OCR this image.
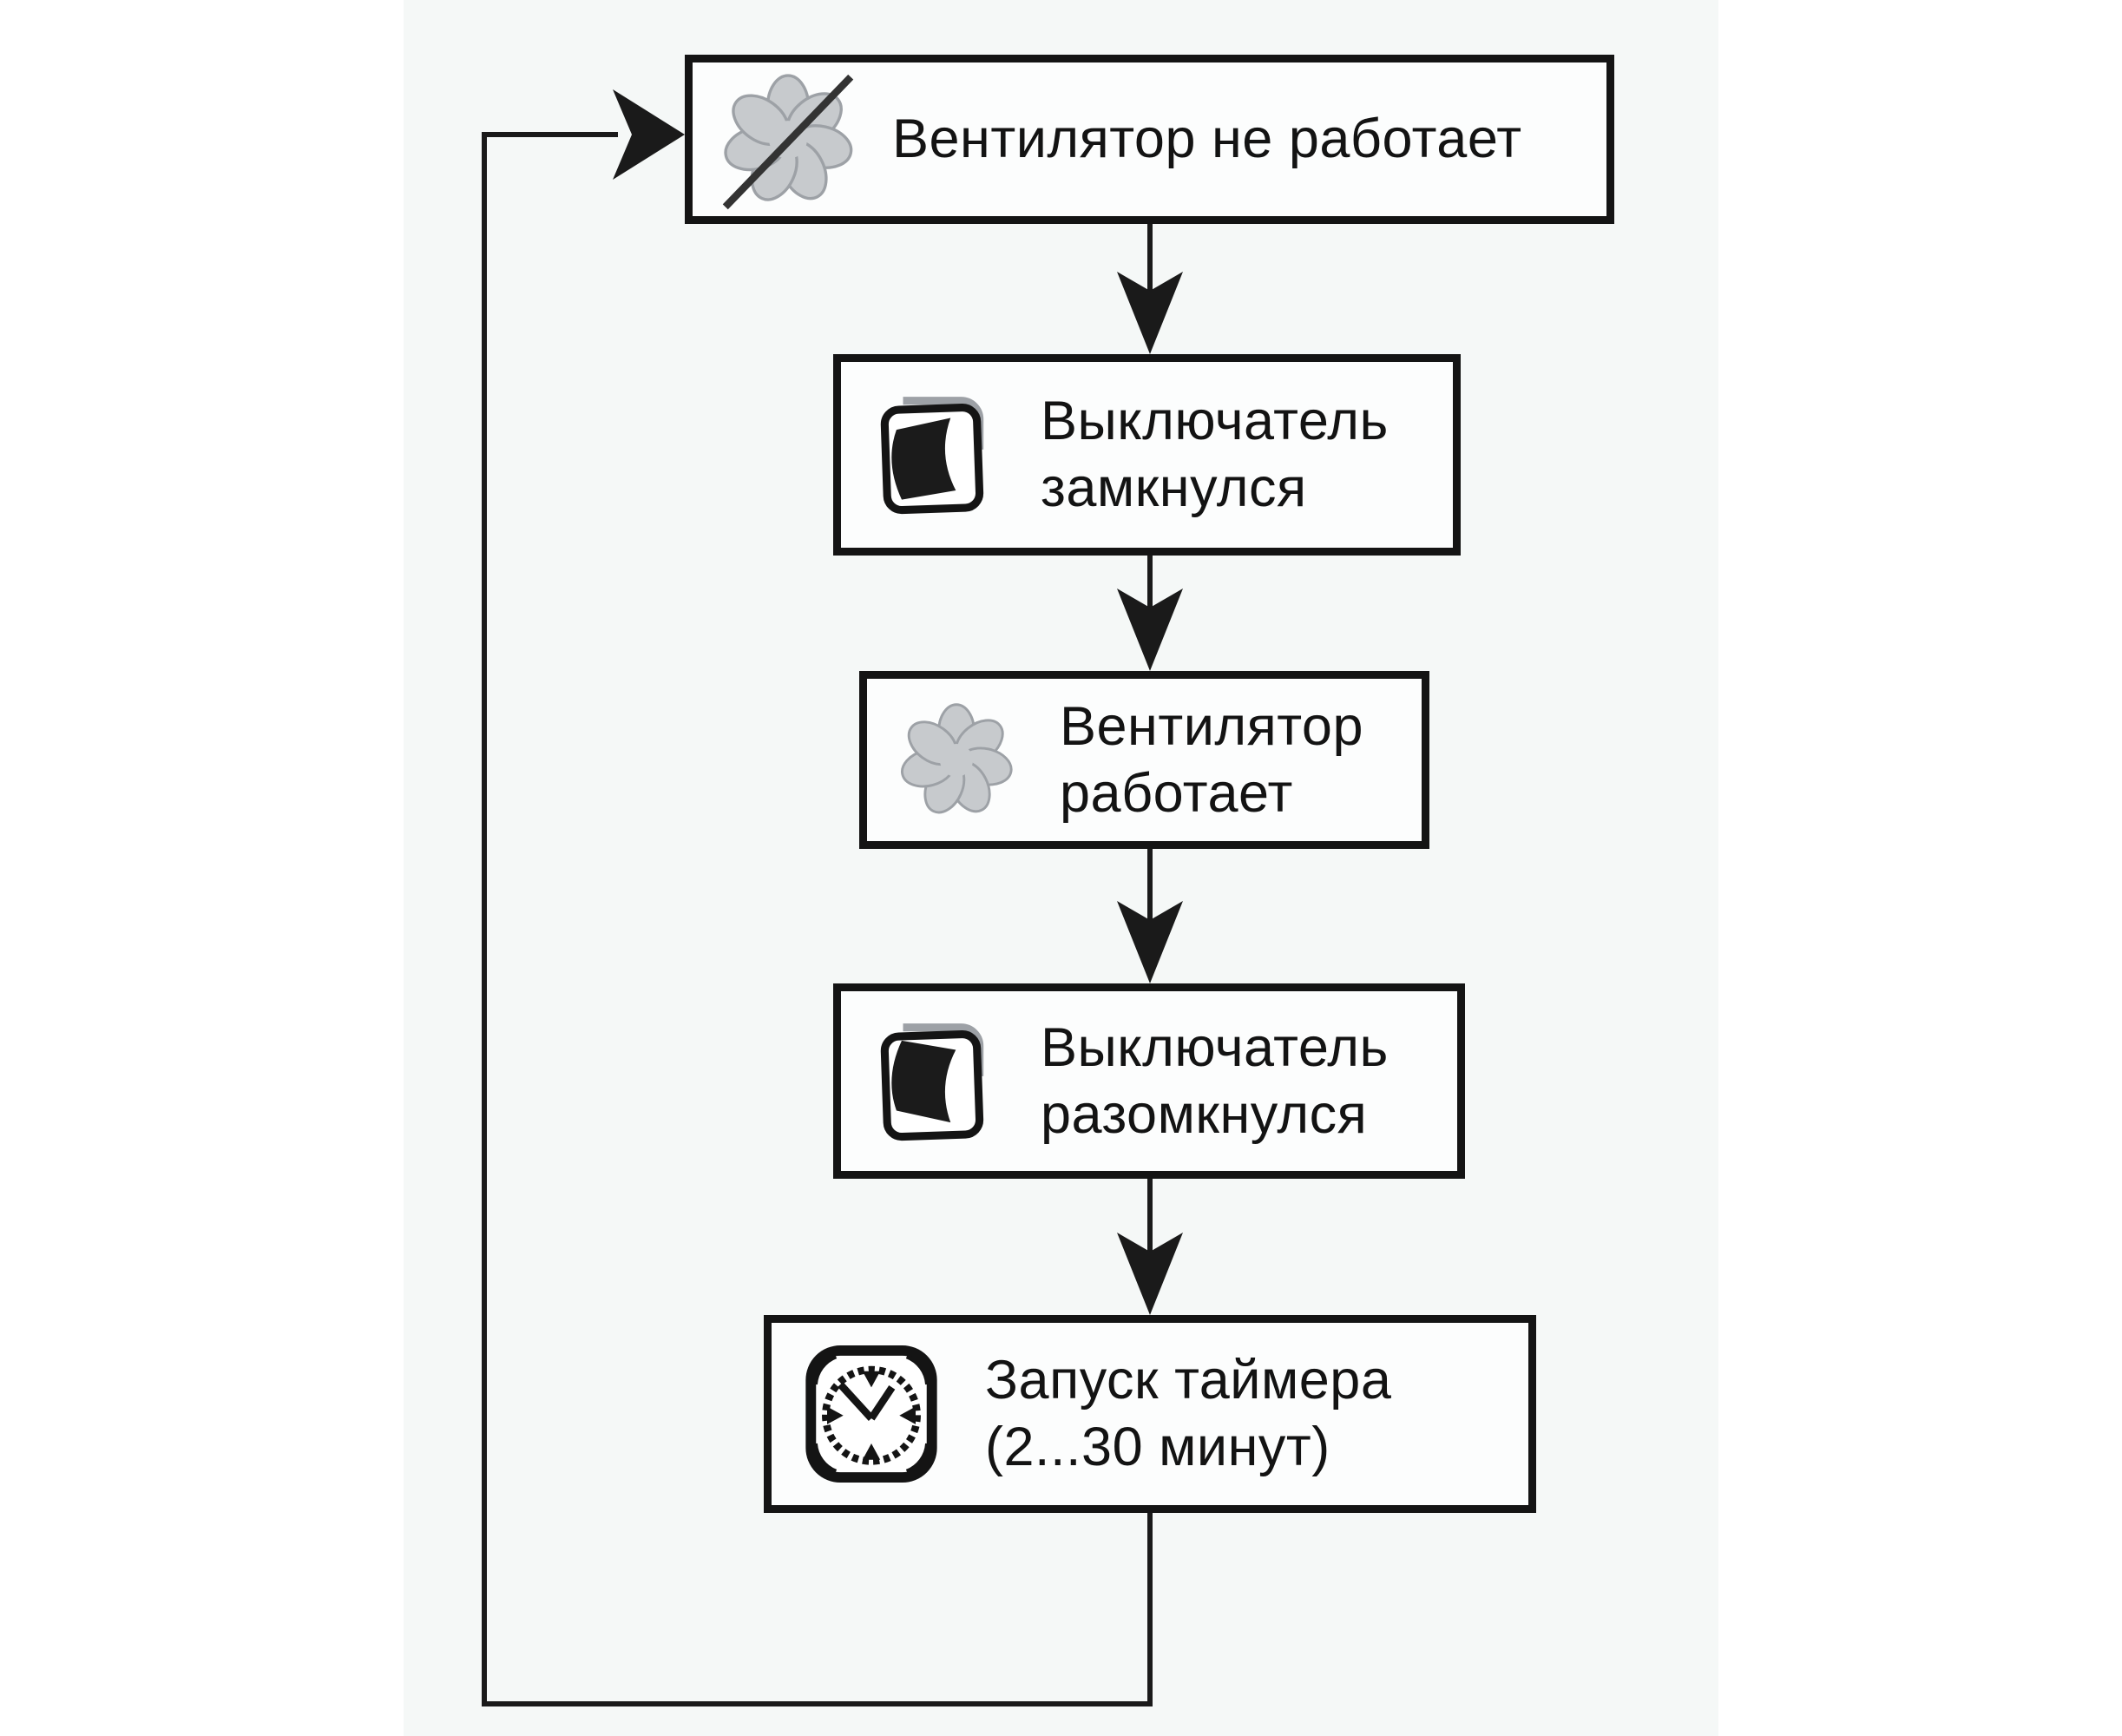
Вентилятор не работает
Выключатель
замкнулся
Вентилятор
работает
Выключатель
разомкнулся
Запуск таймера
(2...30 минут)
